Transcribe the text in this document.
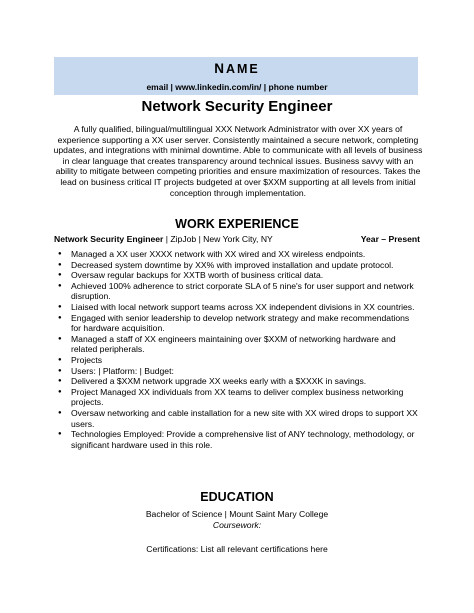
NAME
email | www.linkedin.com/in/ | phone number
Network Security Engineer
A fully qualified, bilingual/multilingual XXX Network Administrator with over XX years of experience supporting a XX user server. Consistently maintained a secure network, completing updates, and integrations with minimal downtime. Able to communicate with all levels of business in clear language that creates transparency around technical issues. Business savvy with an ability to mitigate between competing priorities and ensure maximization of resources. Takes the lead on business critical IT projects budgeted at over $XXM supporting at all levels from initial conception through implementation.
WORK EXPERIENCE
Network Security Engineer | ZipJob | New York City, NY	Year – Present
● Managed a XX user XXXX network with XX wired and XX wireless endpoints.
● Decreased system downtime by XX% with improved installation and update protocol.
● Oversaw regular backups for XXTB worth of business critical data.
● Achieved 100% adherence to strict corporate SLA of 5 nine's for user support and network disruption.
● Liaised with local network support teams across XX independent divisions in XX countries.
● Engaged with senior leadership to develop network strategy and make recommendations for hardware acquisition.
● Managed a staff of XX engineers maintaining over $XXM of networking hardware and related peripherals.
● Projects
● Users: | Platform: | Budget:
● Delivered a $XXM network upgrade XX weeks early with a $XXXK in savings.
● Project Managed XX individuals from XX teams to deliver complex business networking projects.
● Oversaw networking and cable installation for a new site with XX wired drops to support XX users.
● Technologies Employed: Provide a comprehensive list of ANY technology, methodology, or significant hardware used in this role.
EDUCATION
Bachelor of Science | Mount Saint Mary College
Coursework:
Certifications: List all relevant certifications here
